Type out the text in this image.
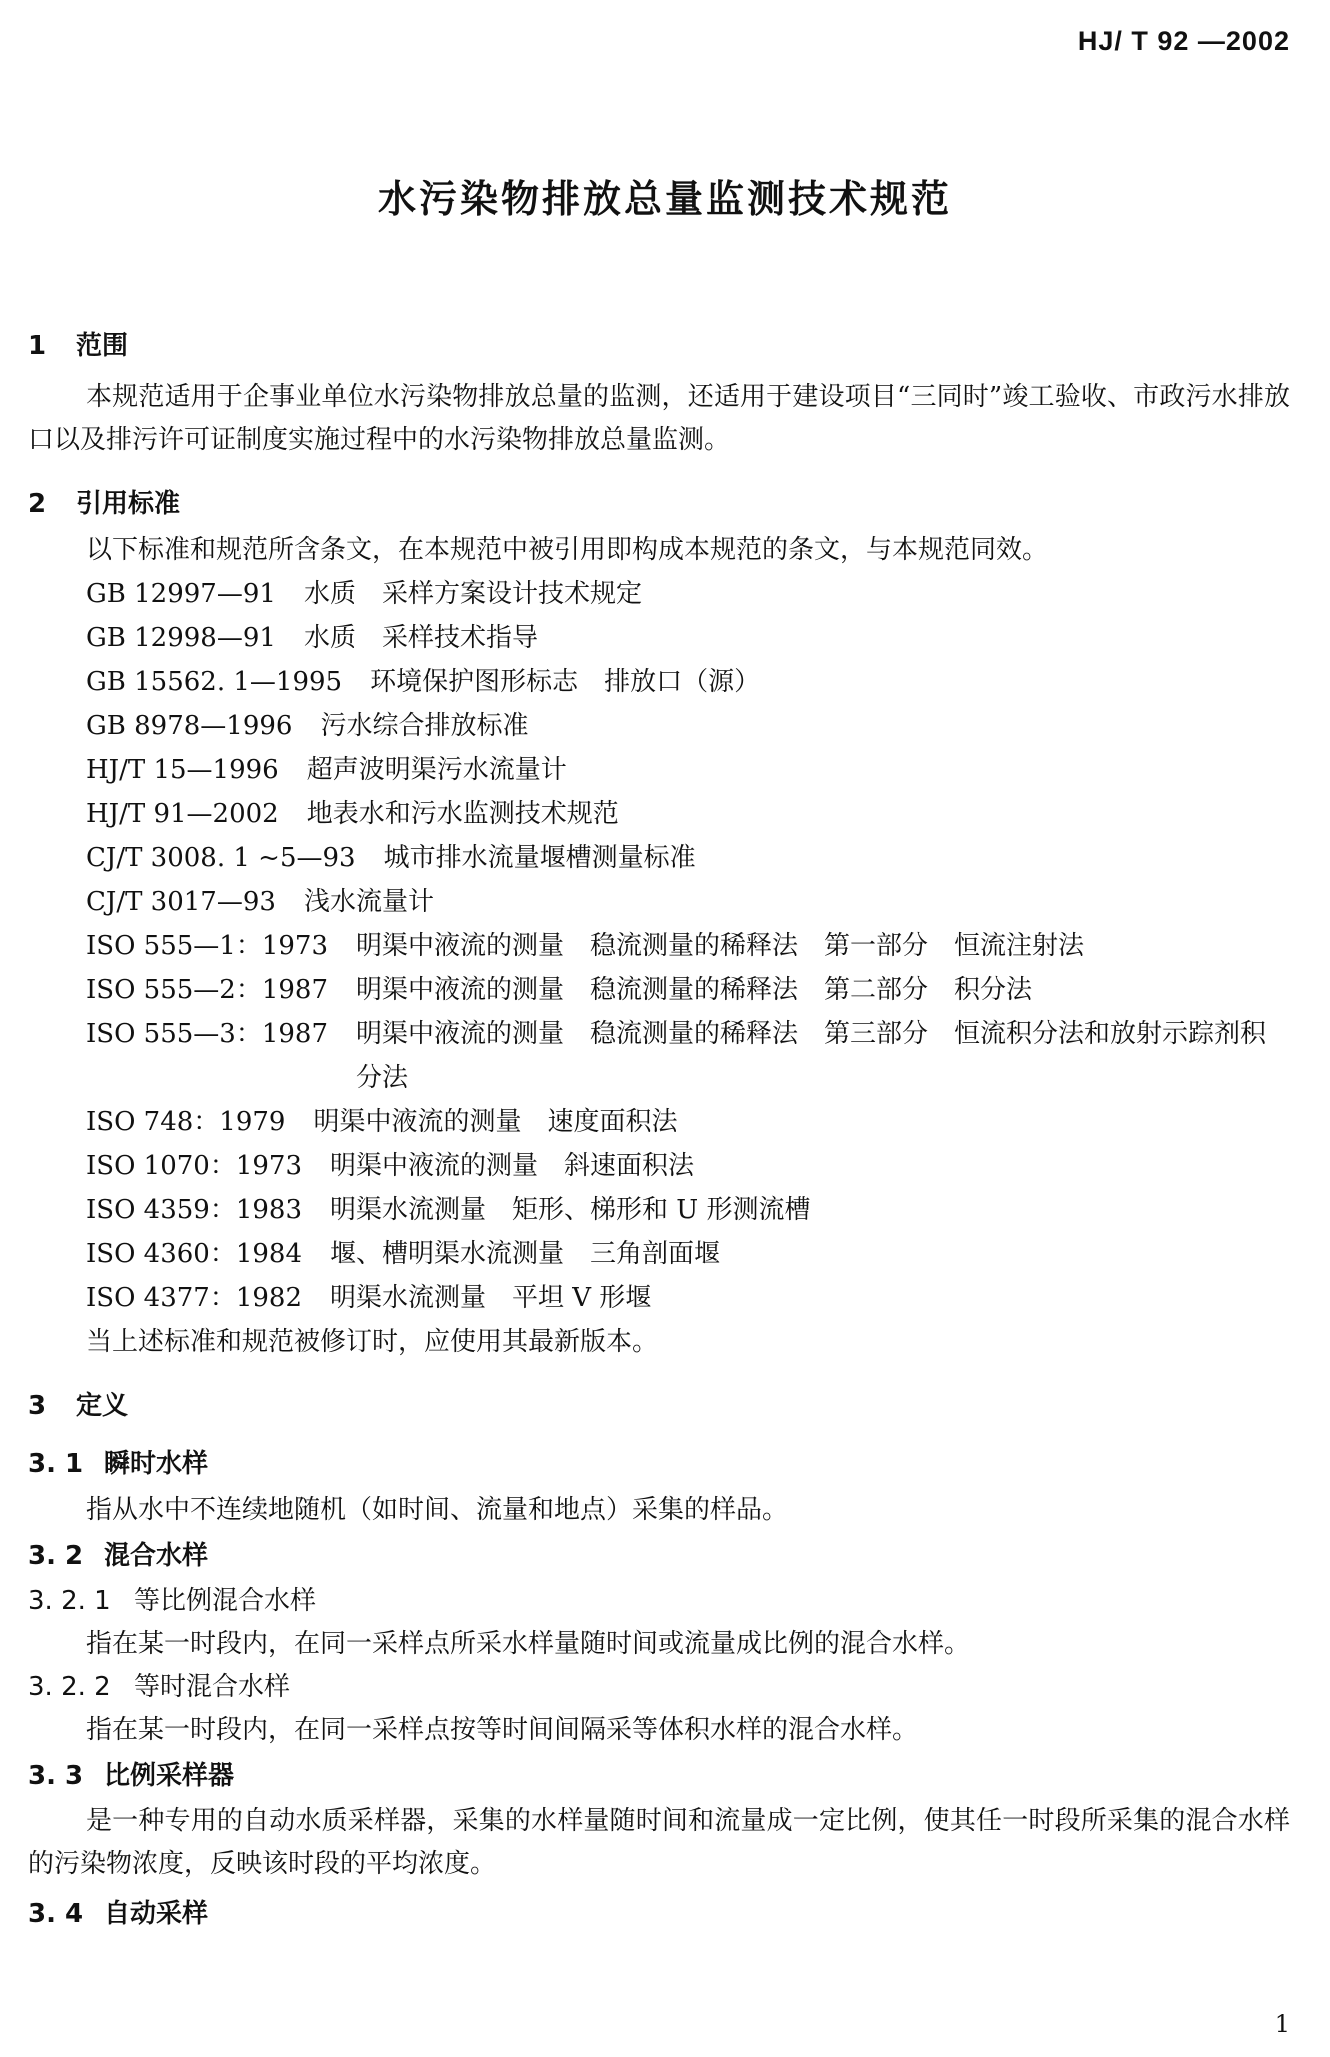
HJ/ T 92 —2002
水污染物排放总量监测技术规范
1 范围

本规范适用于企事业单位水污染物排放总量的监测，还适用于建设项目“三同时”竣工验收、市政污水排放口以及排污许可证制度实施过程中的水污染物排放总量监测。

2 引用标准
以下标准和规范所含条文，在本规范中被引用即构成本规范的条文，与本规范同效。
GB 12997—91	水质　采样方案设计技术规定
GB 12998—91	水质　采样技术指导
GB 15562. 1—1995	环境保护图形标志　排放口（源）
GB 8978—1996	污水综合排放标准
HJ/T 15—1996	超声波明渠污水流量计
HJ/T 91—2002	地表水和污水监测技术规范
CJ/T 3008. 1 ~5—93	城市排水流量堰槽测量标准
CJ/T 3017—93	浅水流量计
ISO 555—1：1973	明渠中液流的测量　稳流测量的稀释法　第一部分　恒流注射法
ISO 555—2：1987	明渠中液流的测量　稳流测量的稀释法　第二部分　积分法
ISO 555—3：1987	明渠中液流的测量　稳流测量的稀释法　第三部分　恒流积分法和放射示踪剂积分法
ISO 748：1979	明渠中液流的测量　速度面积法
ISO 1070：1973	明渠中液流的测量　斜速面积法
ISO 4359：1983	明渠水流测量　矩形、梯形和 U 形测流槽
ISO 4360：1984	堰、槽明渠水流测量　三角剖面堰
ISO 4377：1982	明渠水流测量　平坦 V 形堰
当上述标准和规范被修订时，应使用其最新版本。
3 定义
3. 1 瞬时水样
指从水中不连续地随机（如时间、流量和地点）采集的样品。
3. 2 混合水样
3. 2. 1 等比例混合水样
指在某一时段内，在同一采样点所采水样量随时间或流量成比例的混合水样。
3. 2. 2 等时混合水样
指在某一时段内，在同一采样点按等时间间隔采等体积水样的混合水样。
3. 3 比例采样器

是一种专用的自动水质采样器，采集的水样量随时间和流量成一定比例，使其任一时段所采集的混合水样的污染物浓度，反映该时段的平均浓度。

3. 4 自动采样
1
